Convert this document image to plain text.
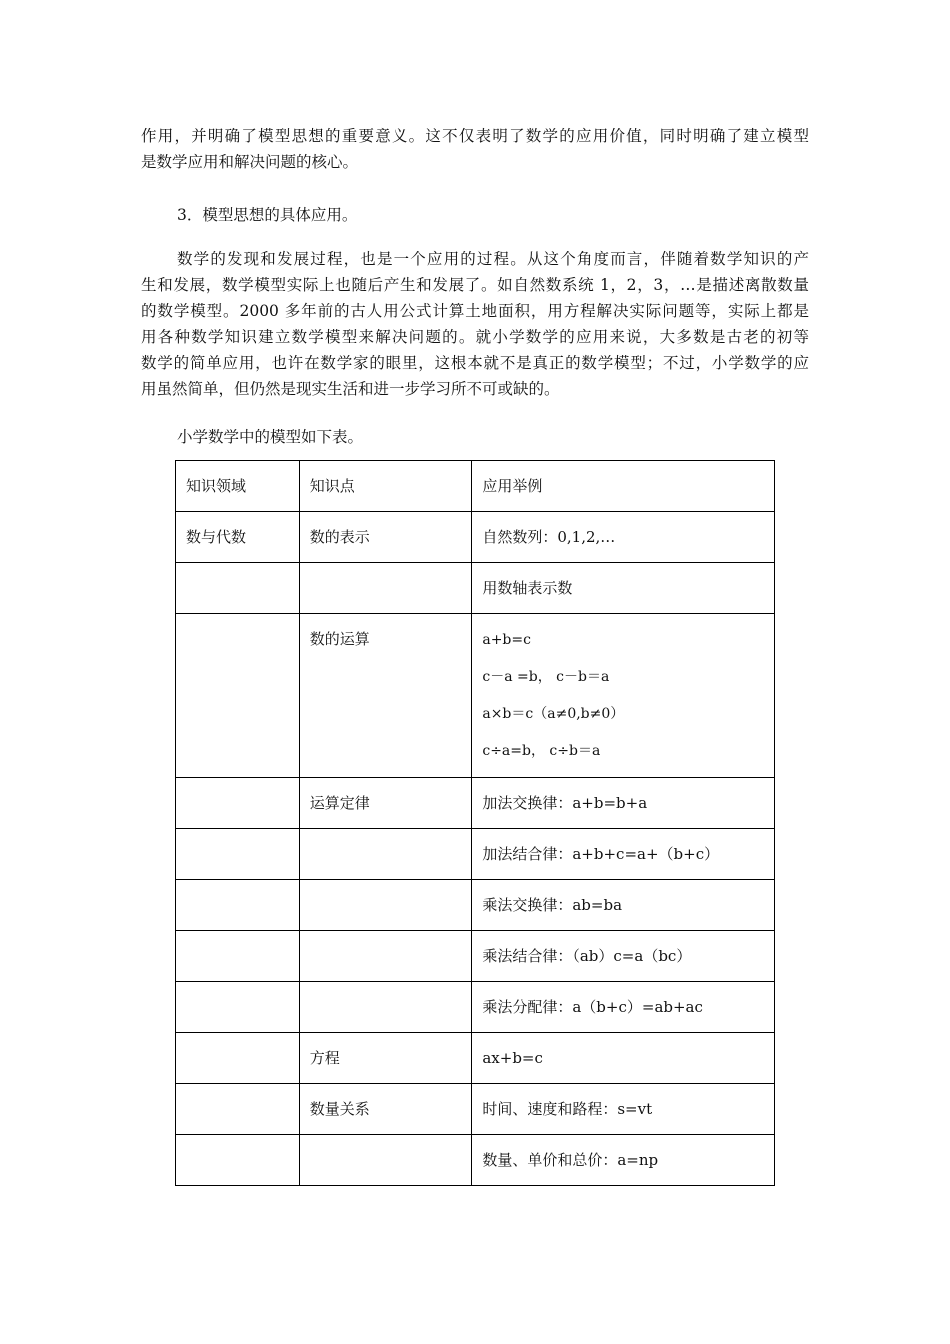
作用，并明确了模型思想的重要意义。这不仅表明了数学的应用价值，同时明确了建立模型
是数学应用和解决问题的核心。
3．模型思想的具体应用。
数学的发现和发展过程，也是一个应用的过程。从这个角度而言，伴随着数学知识的产
生和发展，数学模型实际上也随后产生和发展了。如自然数系统 1，2，3，…是描述离散数量
的数学模型。2000 多年前的古人用公式计算土地面积，用方程解决实际问题等，实际上都是
用各种数学知识建立数学模型来解决问题的。就小学数学的应用来说，大多数是古老的初等
数学的简单应用，也许在数学家的眼里，这根本就不是真正的数学模型；不过，小学数学的应
用虽然简单，但仍然是现实生活和进一步学习所不可或缺的。
小学数学中的模型如下表。
知识领域	知识点	应用举例
数与代数	数的表示	自然数列：0,1,2,…
		用数轴表示数
	数的运算	a+b=c
c－a =b， c－b＝a
a×b＝c（a≠0,b≠0）
c÷a=b， c÷b＝a

	运算定律	加法交换律：a+b=b+a
		加法结合律：a+b+c=a+（b+c）
		乘法交换律：ab=ba
		乘法结合律：（ab）c=a（bc）
		乘法分配律：a（b+c）=ab+ac
	方程	ax+b=c
	数量关系	时间、速度和路程：s=vt
		数量、单价和总价：a=np
